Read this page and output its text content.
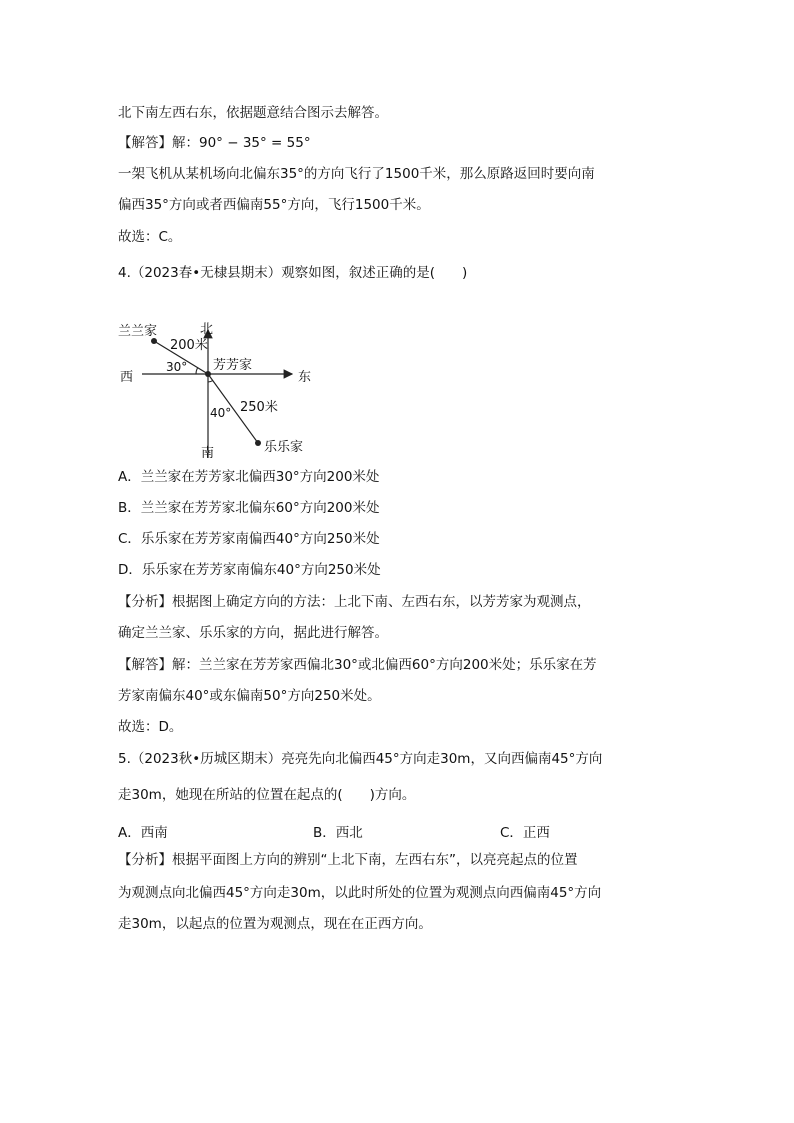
北下南左西右东，依据题意结合图示去解答。
【解答】解：90° − 35° = 55°
一架飞机从某机场向北偏东35°的方向飞行了1500千米，那么原路返回时要向南
偏西35°方向或者西偏南55°方向，飞行1500千米。
故选：C。
4.（2023春•无棣县期末）观察如图，叙述正确的是(　　)
北
南
西	东
兰兰家
芳芳家
乐乐家
200米
250米
30°
40°
A．兰兰家在芳芳家北偏西30°方向200米处
B．兰兰家在芳芳家北偏东60°方向200米处
C．乐乐家在芳芳家南偏西40°方向250米处
D．乐乐家在芳芳家南偏东40°方向250米处
【分析】根据图上确定方向的方法：上北下南、左西右东，以芳芳家为观测点，
确定兰兰家、乐乐家的方向，据此进行解答。
【解答】解：兰兰家在芳芳家西偏北30°或北偏西60°方向200米处；乐乐家在芳
芳家南偏东40°或东偏南50°方向250米处。
故选：D。
5.（2023秋•历城区期末）亮亮先向北偏西45°方向走30m，又向西偏南45°方向
走30m，她现在所站的位置在起点的(　　)方向。
A．西南	B．西北	C．正西
【分析】根据平面图上方向的辨别“上北下南，左西右东”，以亮亮起点的位置
为观测点向北偏西45°方向走30m，以此时所处的位置为观测点向西偏南45°方向
走30m，以起点的位置为观测点，现在在正西方向。
